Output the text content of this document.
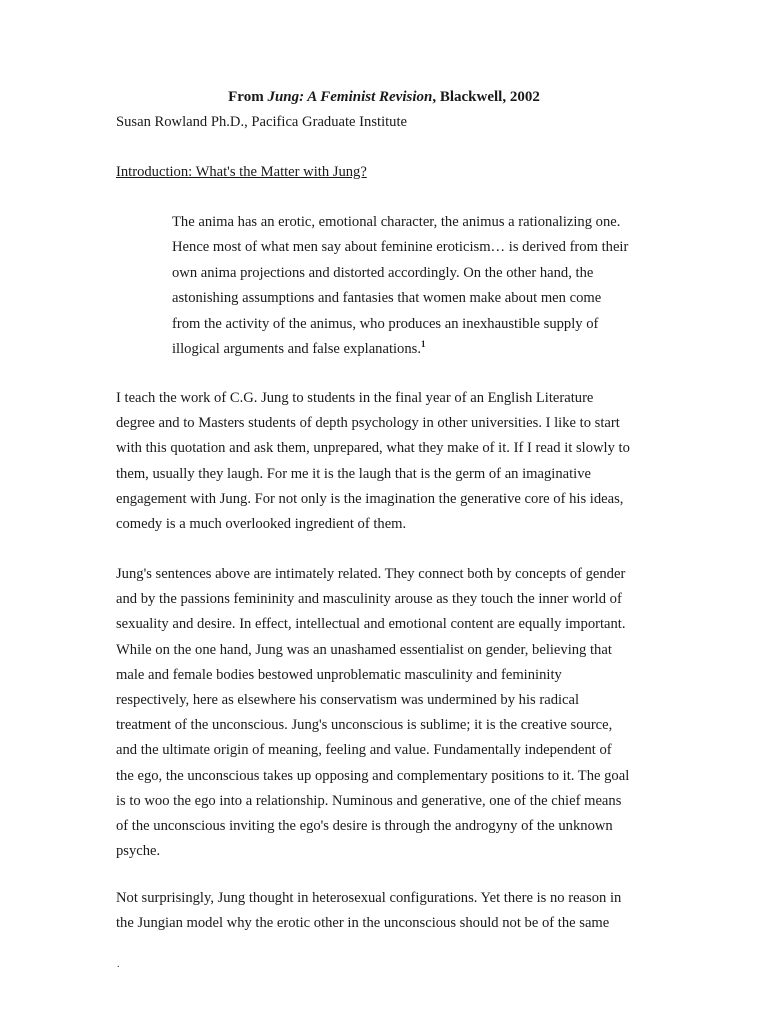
From Jung: A Feminist Revision, Blackwell, 2002
Susan Rowland Ph.D., Pacifica Graduate Institute
Introduction: What's the Matter with Jung?
The anima has an erotic, emotional character, the animus a rationalizing one.
Hence most of what men say about feminine eroticism… is derived from their
own anima projections and distorted accordingly. On the other hand, the
astonishing assumptions and fantasies that women make about men come
from the activity of the animus, who produces an inexhaustible supply of
illogical arguments and false explanations.$^1$
I teach the work of C.G. Jung to students in the final year of an English Literature
degree and to Masters students of depth psychology in other universities. I like to start
with this quotation and ask them, unprepared, what they make of it. If I read it slowly to
them, usually they laugh. For me it is the laugh that is the germ of an imaginative
engagement with Jung. For not only is the imagination the generative core of his ideas,
comedy is a much overlooked ingredient of them.
Jung's sentences above are intimately related. They connect both by concepts of gender
and by the passions femininity and masculinity arouse as they touch the inner world of
sexuality and desire. In effect, intellectual and emotional content are equally important.
While on the one hand, Jung was an unashamed essentialist on gender, believing that
male and female bodies bestowed unproblematic masculinity and femininity
respectively, here as elsewhere his conservatism was undermined by his radical
treatment of the unconscious. Jung's unconscious is sublime; it is the creative source,
and the ultimate origin of meaning, feeling and value. Fundamentally independent of
the ego, the unconscious takes up opposing and complementary positions to it. The goal
is to woo the ego into a relationship. Numinous and generative, one of the chief means
of the unconscious inviting the ego's desire is through the androgyny of the unknown
psyche.
Not surprisingly, Jung thought in heterosexual configurations. Yet there is no reason in
the Jungian model why the erotic other in the unconscious should not be of the same
.
